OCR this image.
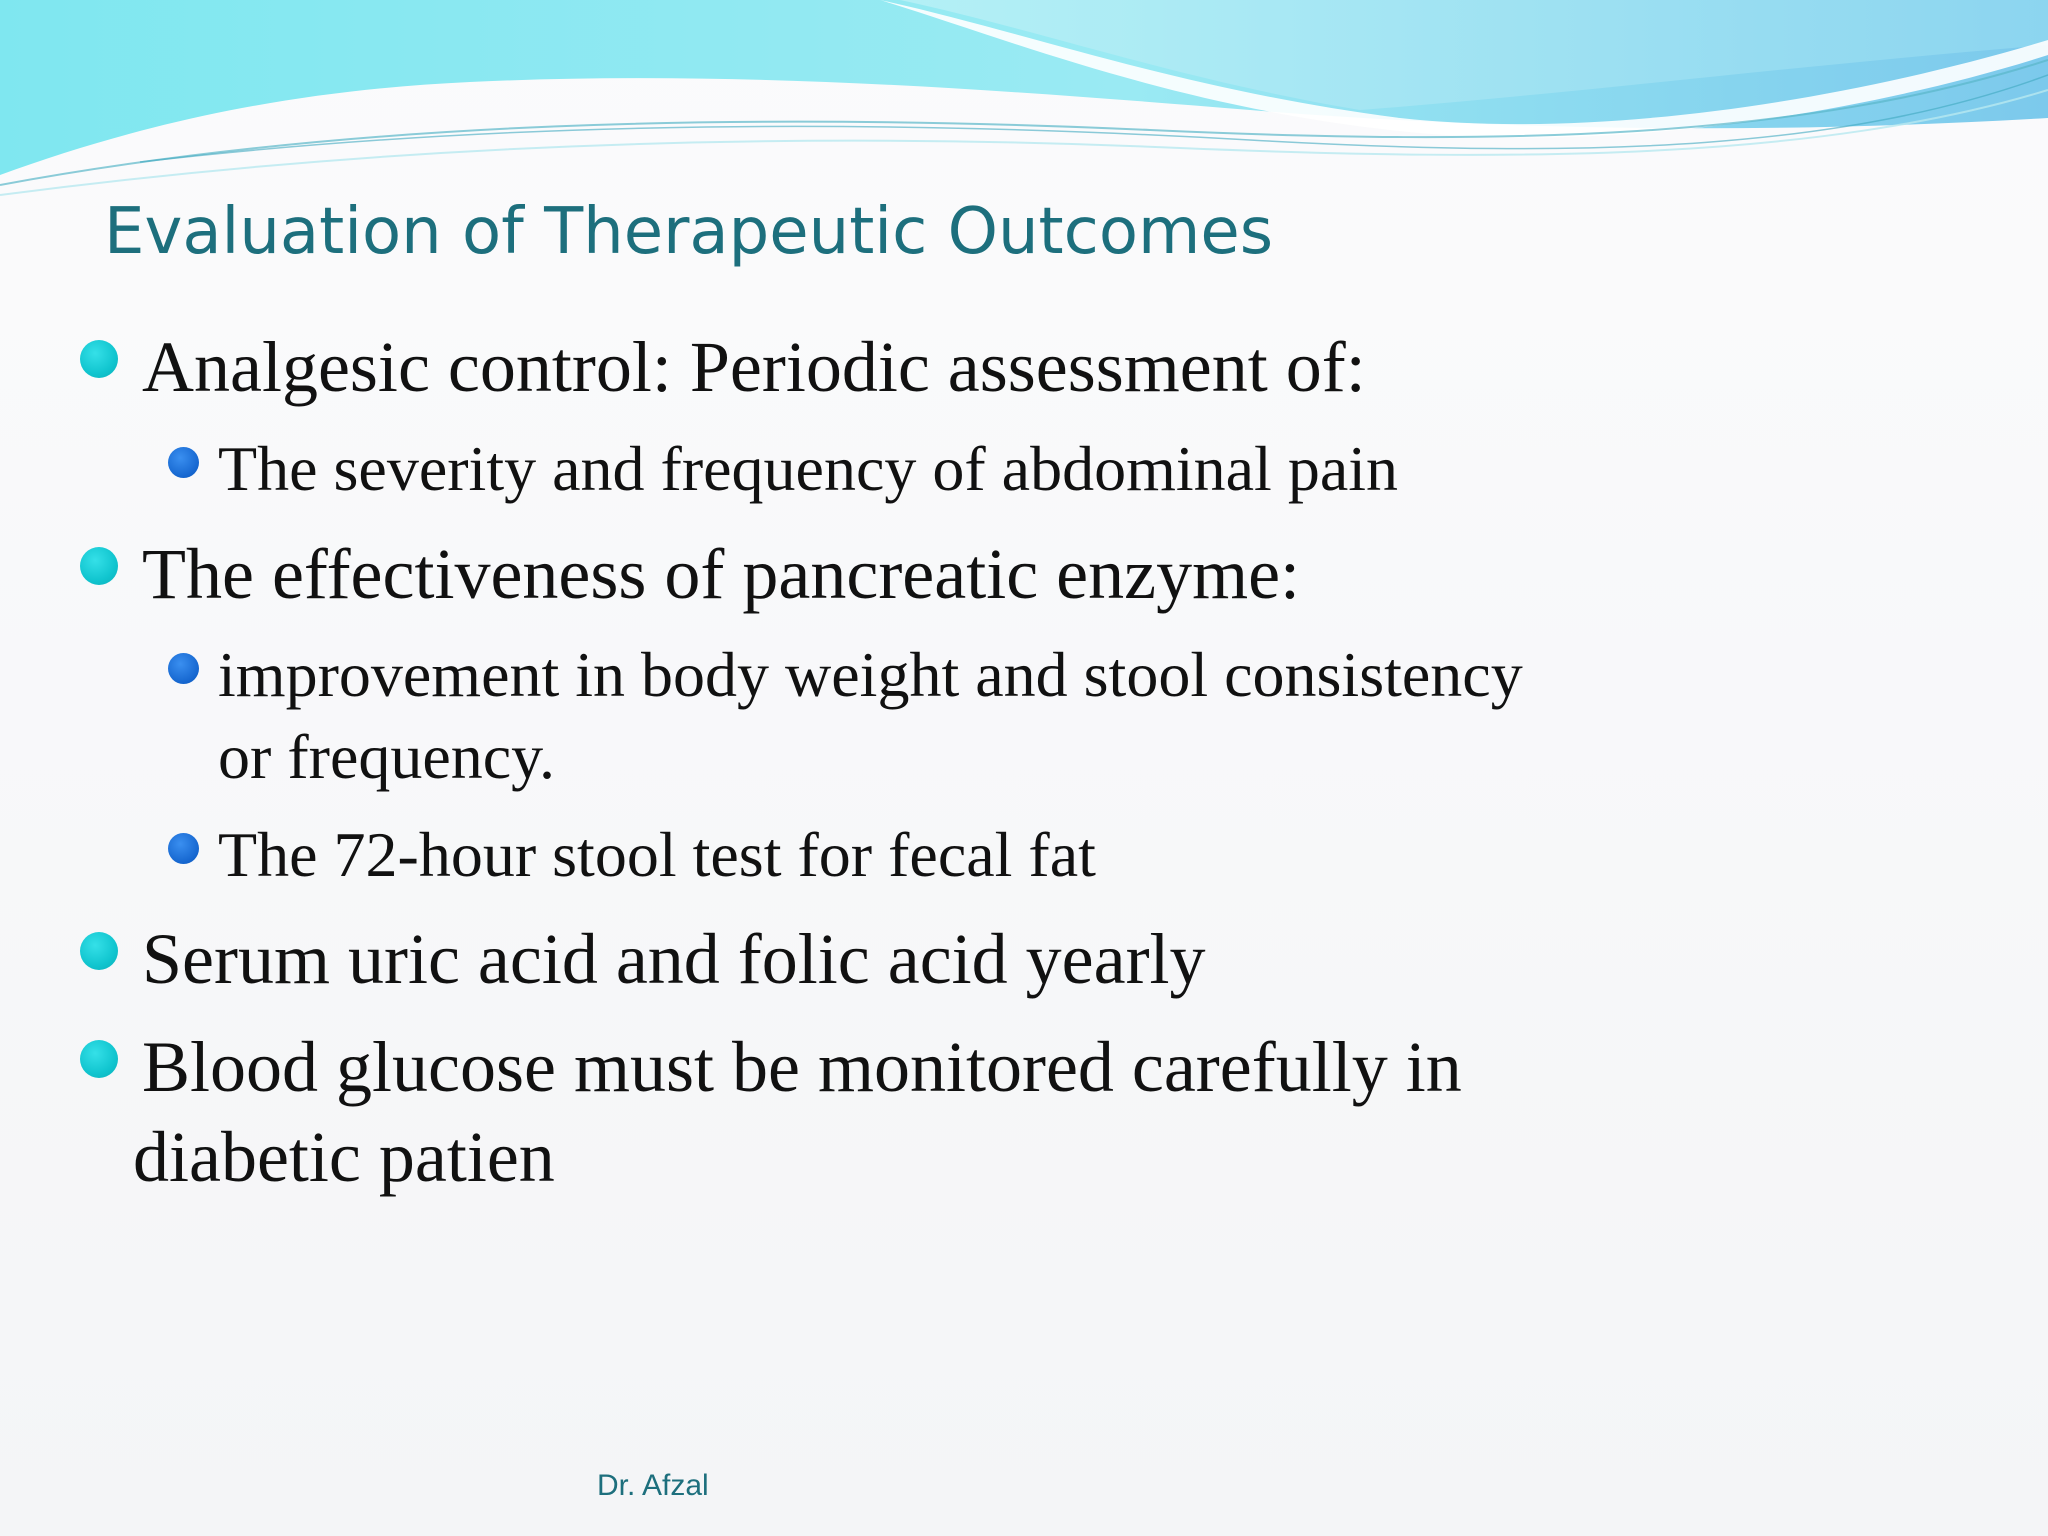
Evaluation of Therapeutic Outcomes
Analgesic control: Periodic assessment of:
The severity and frequency of abdominal pain
The effectiveness of pancreatic enzyme:
improvement in body weight and stool consistency
or frequency.
The 72-hour stool test for fecal fat
Serum uric acid and folic acid yearly
Blood glucose must be monitored carefully in
diabetic patien
Dr. Afzal
